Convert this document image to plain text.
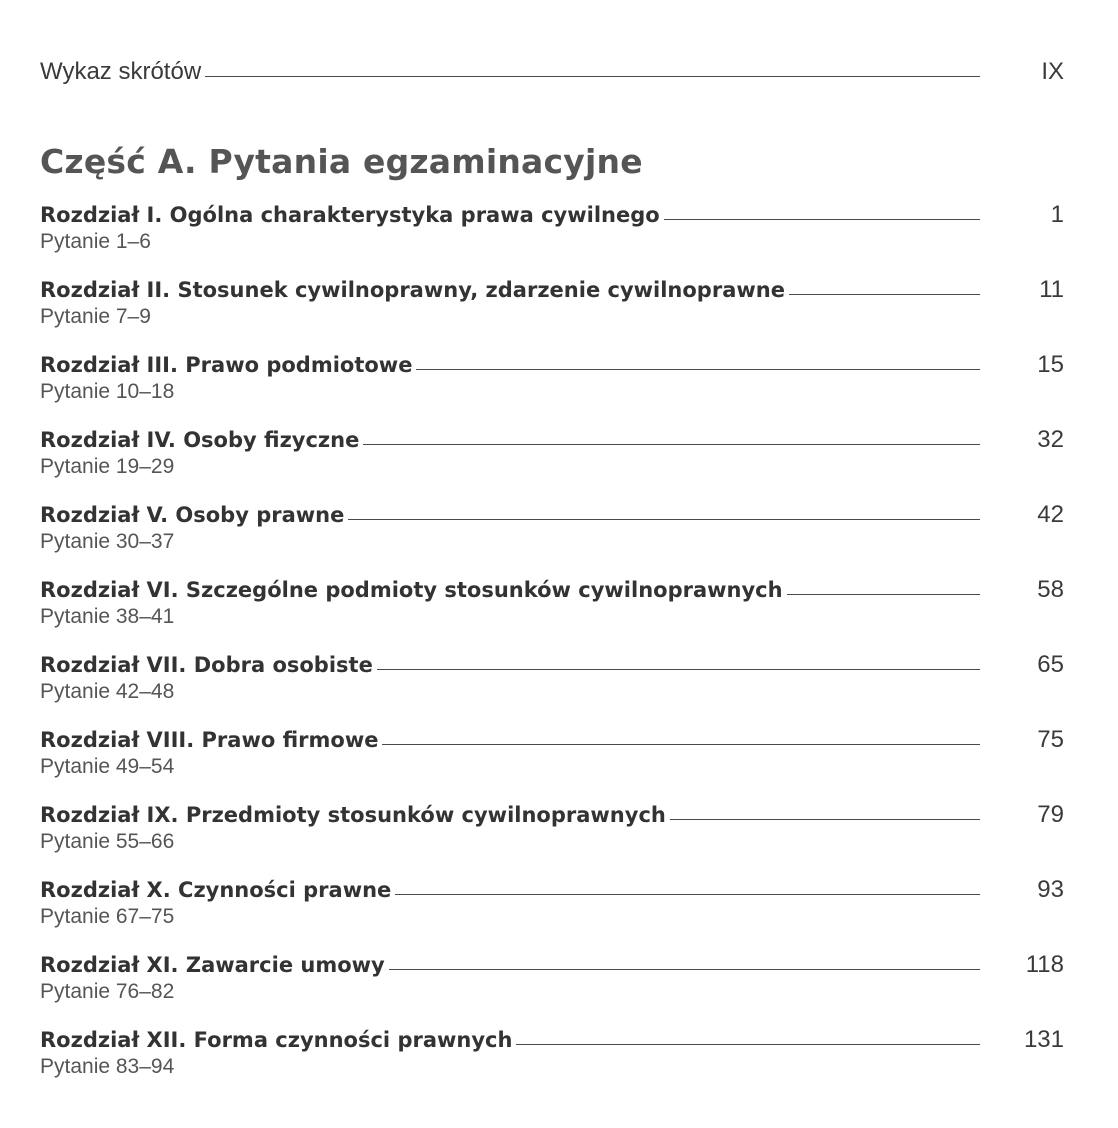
Wykaz skrótów	IX
Część A. Pytania egzaminacyjne
Rozdział I. Ogólna charakterystyka prawa cywilnego	1
Pytanie 1–6
Rozdział II. Stosunek cywilnoprawny, zdarzenie cywilnoprawne	11
Pytanie 7–9
Rozdział III. Prawo podmiotowe	15
Pytanie 10–18
Rozdział IV. Osoby fizyczne	32
Pytanie 19–29
Rozdział V. Osoby prawne	42
Pytanie 30–37
Rozdział VI. Szczególne podmioty stosunków cywilnoprawnych	58
Pytanie 38–41
Rozdział VII. Dobra osobiste	65
Pytanie 42–48
Rozdział VIII. Prawo firmowe	75
Pytanie 49–54
Rozdział IX. Przedmioty stosunków cywilnoprawnych	79
Pytanie 55–66
Rozdział X. Czynności prawne	93
Pytanie 67–75
Rozdział XI. Zawarcie umowy	118
Pytanie 76–82
Rozdział XII. Forma czynności prawnych	131
Pytanie 83–94
